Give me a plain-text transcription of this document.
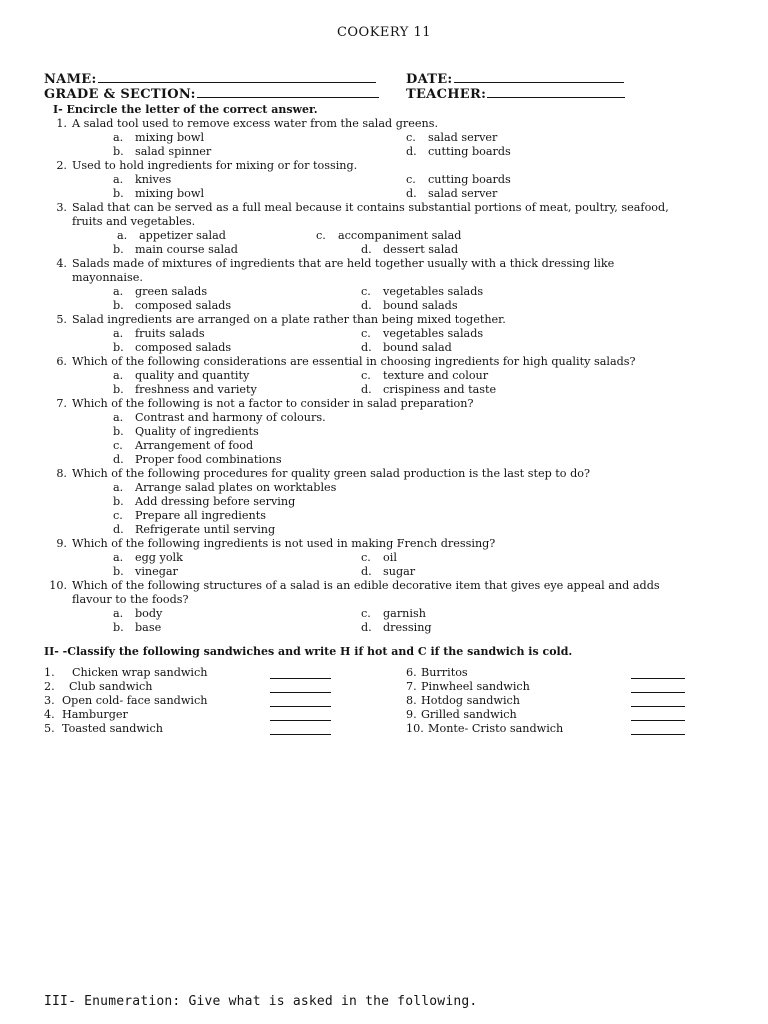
COOKERY 11
NAME:	DATE:
GRADE & SECTION:	TEACHER:
I- Encircle the letter of the correct answer.
1. A salad tool used to remove excess water from the salad greens.
a. mixing bowl	c. salad server
b. salad spinner	d. cutting boards
2. Used to hold ingredients for mixing or for tossing.
a. knives	c. cutting boards
b. mixing bowl	d. salad server
3. Salad that can be served as a full meal because it contains substantial portions of meat, poultry, seafood,
fruits and vegetables.
a. appetizer salad	c. accompaniment salad
b. main course salad	d. dessert salad
4. Salads made of mixtures of ingredients that are held together usually with a thick dressing like
mayonnaise.
a. green salads	c. vegetables salads
b. composed salads	d. bound salads
5. Salad ingredients are arranged on a plate rather than being mixed together.
a. fruits salads	c. vegetables salads
b. composed salads	d. bound salad
6. Which of the following considerations are essential in choosing ingredients for high quality salads?
a. quality and quantity	c. texture and colour
b. freshness and variety	d. crispiness and taste
7. Which of the following is not a factor to consider in salad preparation?
a. Contrast and harmony of colours.
b. Quality of ingredients
c. Arrangement of food
d. Proper food combinations
8. Which of the following procedures for quality green salad production is the last step to do?
a. Arrange salad plates on worktables
b. Add dressing before serving
c. Prepare all ingredients
d. Refrigerate until serving
9. Which of the following ingredients is not used in making French dressing?
a. egg yolk	c. oil
b. vinegar	d. sugar
10. Which of the following structures of a salad is an edible decorative item that gives eye appeal and adds
flavour to the foods?
a. body	c. garnish
b. base	d. dressing
II- -Classify the following sandwiches and write H if hot and C if the sandwich is cold.
1. Chicken wrap sandwich
2. Club sandwich
3. Open cold- face sandwich
4. Hamburger
5. Toasted sandwich
6. Burritos
7. Pinwheel sandwich
8. Hotdog sandwich
9. Grilled sandwich
10. Monte- Cristo sandwich
III- Enumeration: Give what is asked in the following.
